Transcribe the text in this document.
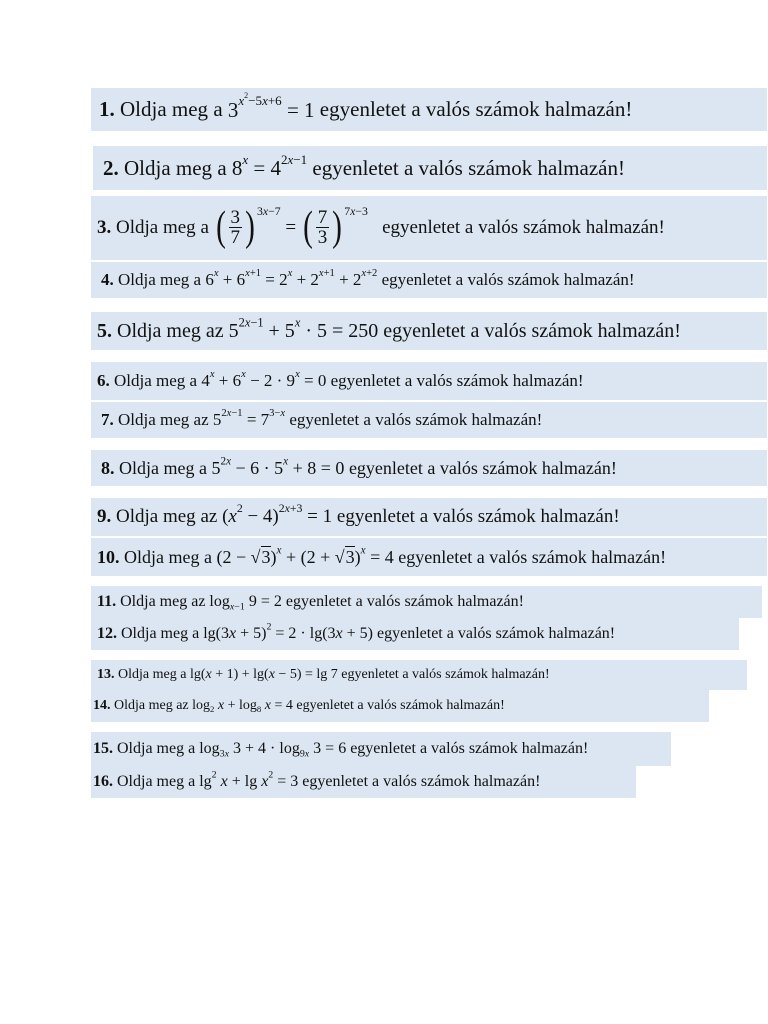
1.
Oldja meg
a
$3^{x^2-5x+6} = 1$
egyenletet a valós számok halmazán!
2.
Oldja meg
a
$8^x = 4^{2x-1}$
egyenletet a valós számok halmazán!
3.
Oldja meg
a
( 3
7 ) 3x−7
= ( 7
3 ) 7x−3

egyenletet a valós számok halmazán!
4.
Oldja meg
a
$6^x + 6^{x+1} = 2^x + 2^{x+1} + 2^{x+2}$
egyenletet a valós számok halmazán!
5.
Oldja meg
az
$5^{2x-1} + 5^x \cdot 5 = 250$
egyenletet a valós számok halmazán!
6.
Oldja meg
a
$4^x + 6^x - 2 \cdot 9^x = 0$
egyenletet a valós számok halmazán!
7.
Oldja meg
az
$5^{2x-1} = 7^{3-x}$
egyenletet a valós számok halmazán!
8.
Oldja meg
a
$5^{2x} - 6 \cdot 5^x + 8 = 0$
egyenletet a valós számok halmazán!
9.
Oldja meg
az
$(x^2 - 4)^{2x+3} = 1$
egyenletet a valós számok halmazán!
10.
Oldja meg
a
$(2 - √3)^x + (2 + √3)^x = 4$
egyenletet a valós számok halmazán!
11.
Oldja meg
az
$\log_{x-1} 9 = 2$
egyenletet a valós számok halmazán!
12.
Oldja meg
a
$\lg(3x + 5)^2 = 2 \cdot \lg(3x + 5)$
egyenletet a valós számok halmazán!
13.
Oldja meg
a
lg(x + 1) + lg(x − 5) = lg 7
egyenletet a valós számok halmazán!
14.
Oldja meg
az
$\log_2 x + \log_8 x = 4$
egyenletet a valós számok halmazán!
15.
Oldja meg
a
$\log_{3x} 3 + 4 \cdot \log_{9x} 3 = 6$
egyenletet a valós számok halmazán!
16.
Oldja meg
a
$\lg^2 x + \lg x^2 = 3$
egyenletet a valós számok halmazán!
